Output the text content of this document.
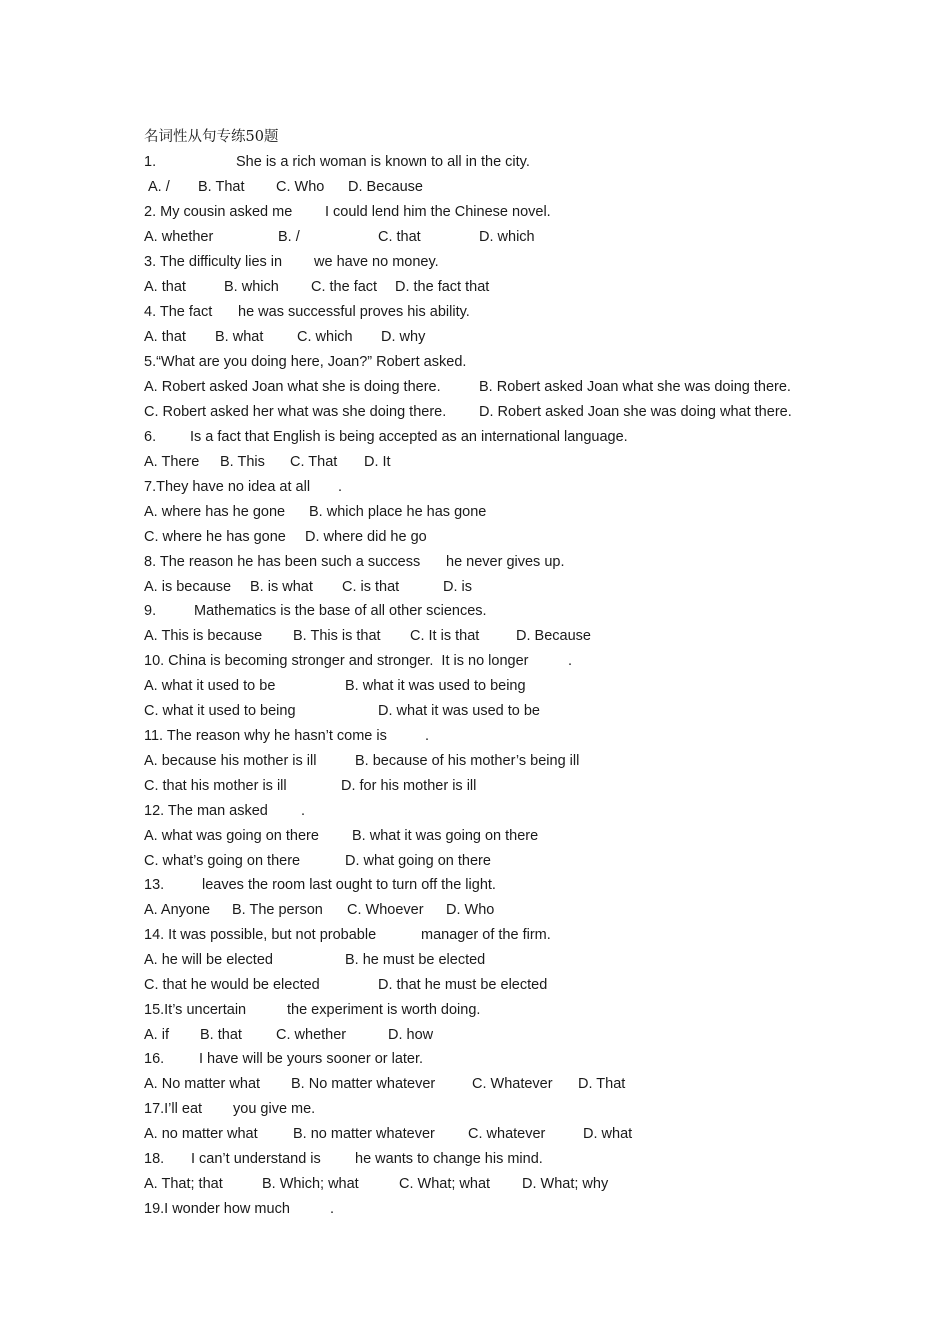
名词性从句专练50题

1.

	She is a rich woman is known to all in the city.

A. /

B. That

C. Who

D. Because

2. My cousin asked me

I could lend him the Chinese novel.

A. whether

	B. /

	C. that

	D. which

3. The difficulty lies in

we have no money.

A. that

	B. which

C. the fact

D. the fact that

4. The fact

he was successful proves his ability.

A. that

B. what

C. which

D. why

5.“What are you doing here, Joan?” Robert asked.

A. Robert asked Joan what she is doing there.

	B. Robert asked Joan what she was doing there.

C. Robert asked her what was she doing there.

D. Robert asked Joan she was doing what there.

6.

Is a fact that English is being accepted as an international language.

A. There

B. This

C. That

D. It

7.They have no idea at all

.

A. where has he gone

B. which place he has gone

C. where he has gone

D. where did he go

8. The reason he has been such a success

he never gives up.

A. is because

B. is what

C. is that

	D. is

9.

	Mathematics is the base of all other sciences.

A. This is because

B. This is that

C. It is that

	D. Because

10. China is becoming stronger and stronger.  It is no longer

	.

A. what it used to be

	B. what it was used to being

C. what it used to being

	D. what it was used to be

11. The reason why he hasn’t come is

	.

A. because his mother is ill

	B. because of his mother’s being ill

C. that his mother is ill

	D. for his mother is ill

12. The man asked

.

A. what was going on there

B. what it was going on there

C. what’s going on there

	D. what going on there

13.

	leaves the room last ought to turn off the light.

A. Anyone

B. The person

C. Whoever

D. Who

14. It was possible, but not probable

	manager of the firm.

A. he will be elected

	B. he must be elected

C. that he would be elected

	D. that he must be elected

15.It’s uncertain

	the experiment is worth doing.

A. if

B. that

C. whether

	D. how

16.

I have will be yours sooner or later.

A. No matter what

B. No matter whatever

	C. Whatever

D. That

17.I’ll eat

you give me.

A. no matter what

B. no matter whatever

C. whatever

	D. what

18.

I can’t understand is

he wants to change his mind.

A. That; that

	B. Which; what

	C. What; what

D. What; why

19.I wonder how much

	.
